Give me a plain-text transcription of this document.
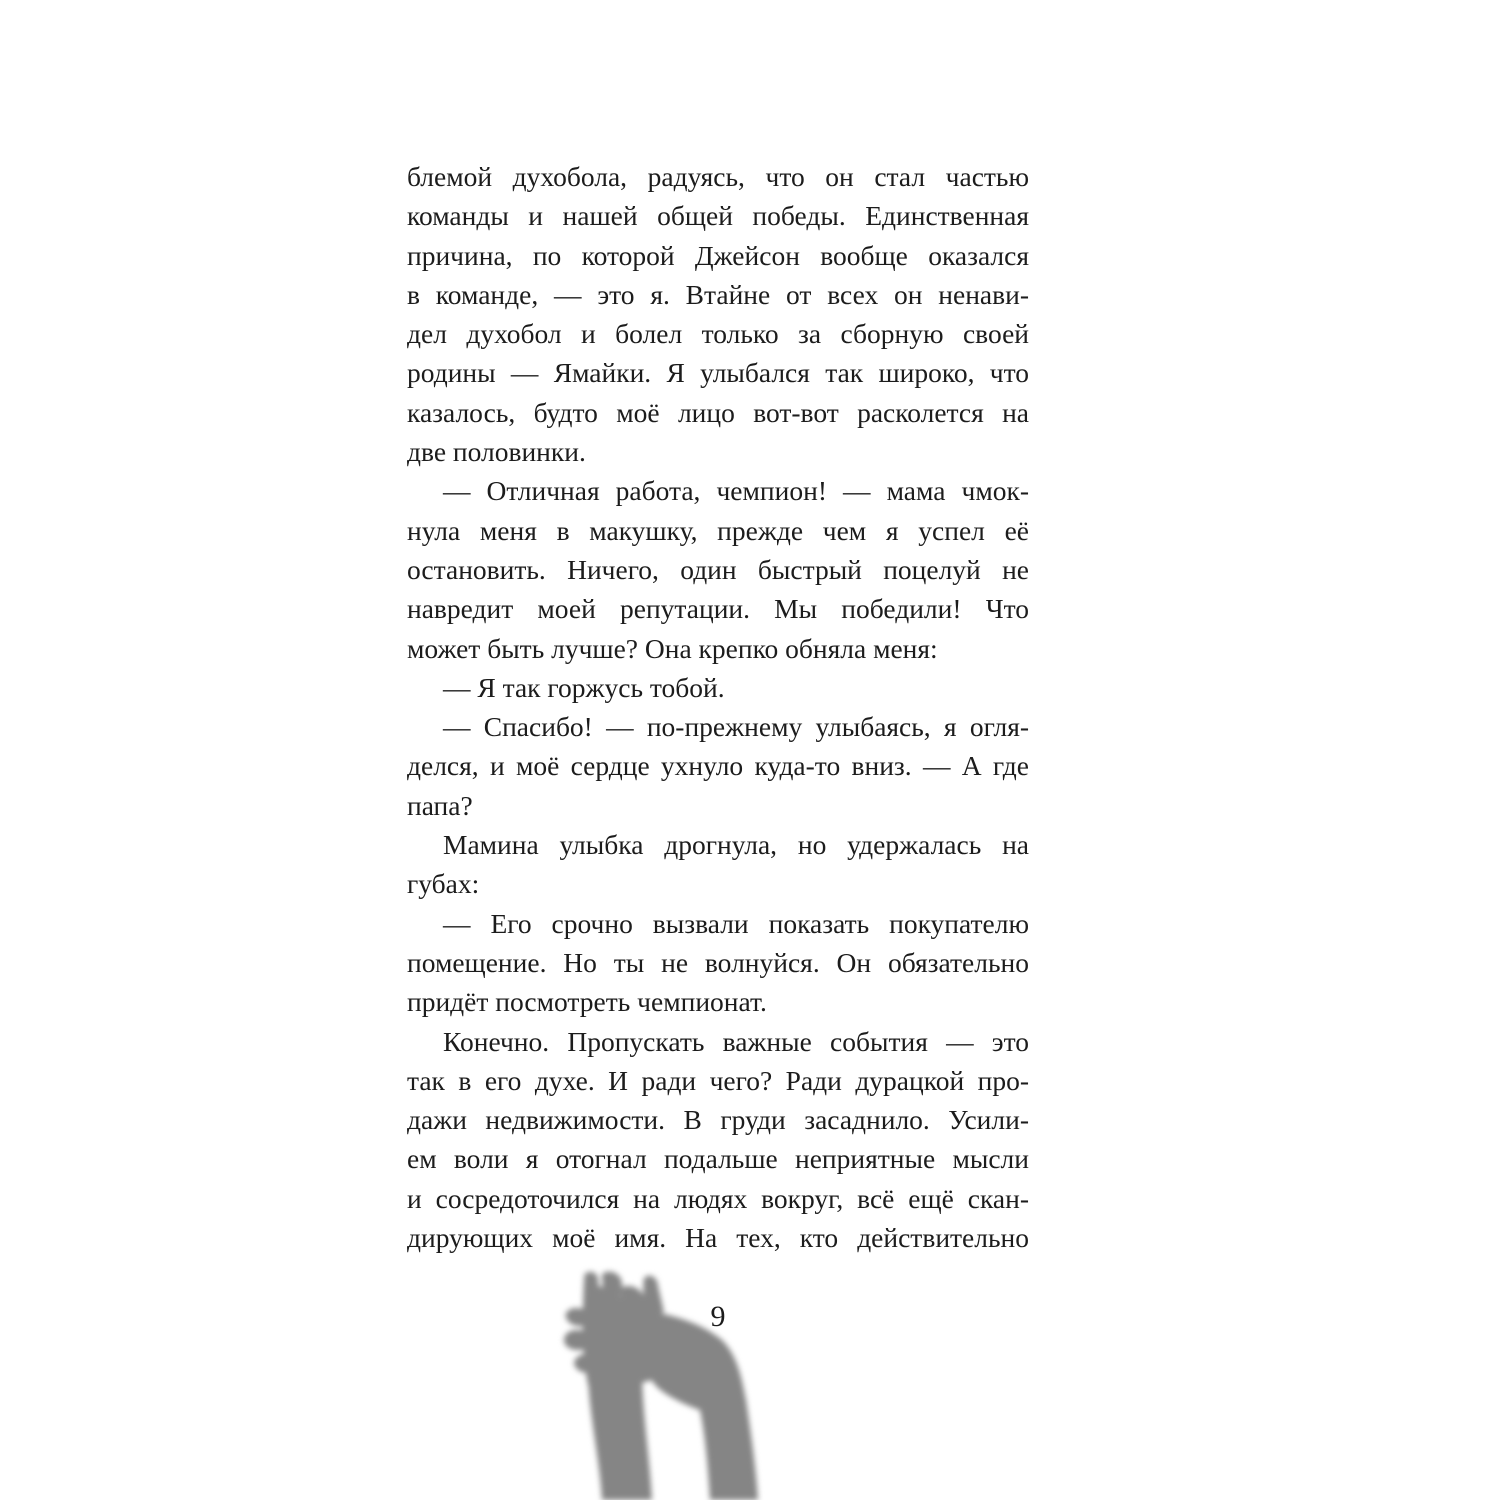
блемой духобола, радуясь, что он стал частью
команды и нашей общей победы. Единственная
причина, по которой Джейсон вообще оказался
в команде, — это я. Втайне от всех он ненави-
дел духобол и болел только за сборную своей
родины — Ямайки. Я улыбался так широко, что
казалось, будто моё лицо вот-вот расколется на
две половинки.
— Отличная работа, чемпион! — мама чмок-
нула меня в макушку, прежде чем я успел её
остановить. Ничего, один быстрый поцелуй не
навредит моей репутации. Мы победили! Что
может быть лучше? Она крепко обняла меня:
— Я так горжусь тобой.
— Спасибо! — по-прежнему улыбаясь, я огля-
делся, и моё сердце ухнуло куда-то вниз. — А где
папа?
Мамина улыбка дрогнула, но удержалась на
губах:
— Его срочно вызвали показать покупателю
помещение. Но ты не волнуйся. Он обязательно
придёт посмотреть чемпионат.
Конечно. Пропускать важные события — это
так в его духе. И ради чего? Ради дурацкой про-
дажи недвижимости. В груди засаднило. Усили-
ем воли я отогнал подальше неприятные мысли
и сосредоточился на людях вокруг, всё ещё скан-
дирующих моё имя. На тех, кто действительно
9
